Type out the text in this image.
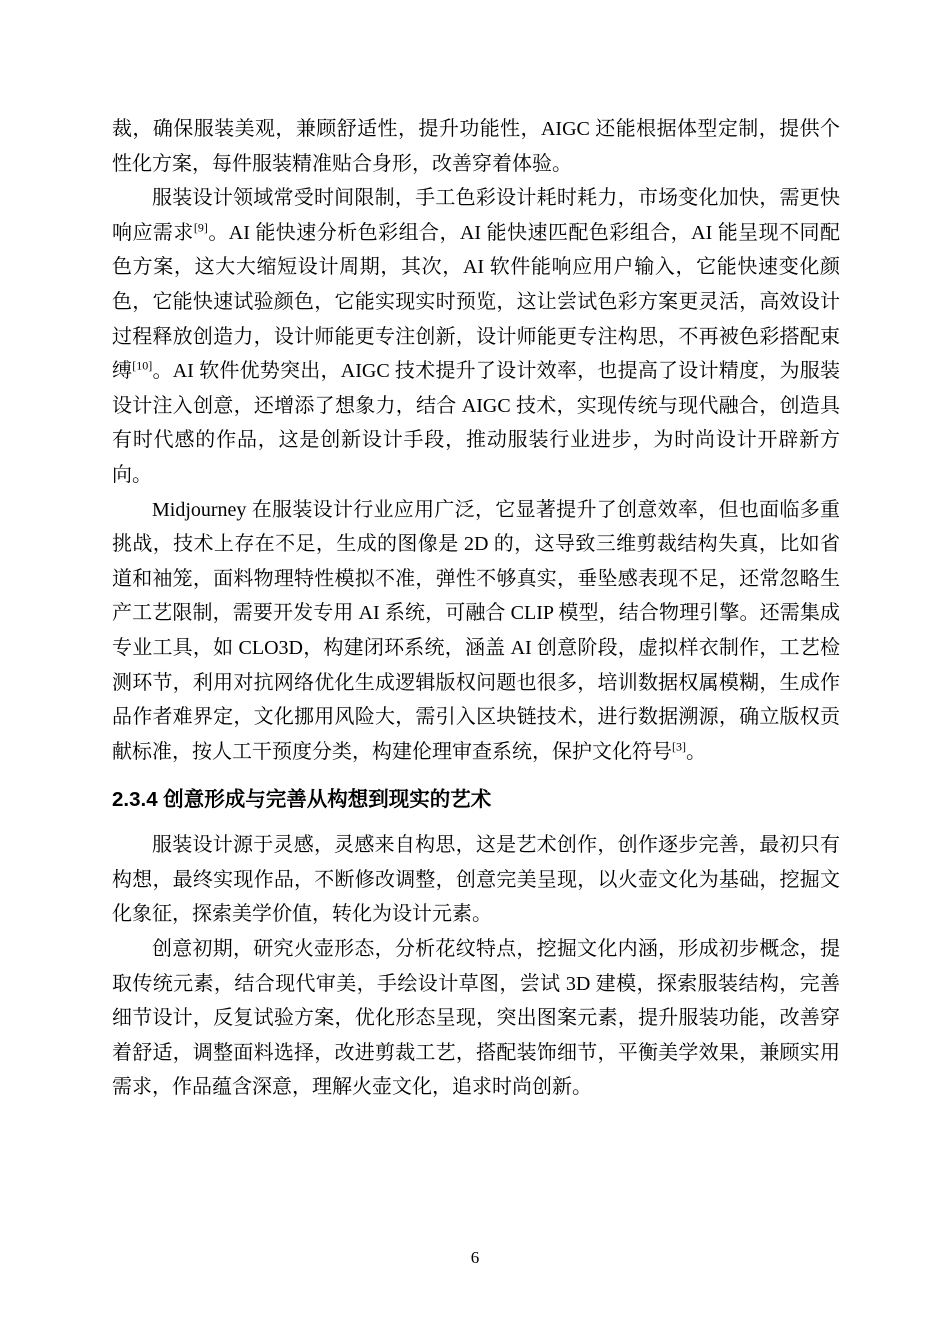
裁，确保服装美观，兼顾舒适性，提升功能性，AIGC 还能根据体型定制，提供个性化方案，每件服装精准贴合身形，改善穿着体验。

服装设计领域常受时间限制，手工色彩设计耗时耗力，市场变化加快，需更快响应需求[9]。AI 能快速分析色彩组合，AI 能快速匹配色彩组合，AI 能呈现不同配色方案，这大大缩短设计周期，其次，AI 软件能响应用户输入，它能快速变化颜色，它能快速试验颜色，它能实现实时预览，这让尝试色彩方案更灵活，高效设计过程释放创造力，设计师能更专注创新，设计师能更专注构思，不再被色彩搭配束缚[10]。AI 软件优势突出，AIGC 技术提升了设计效率，也提高了设计精度，为服装设计注入创意，还增添了想象力，结合 AIGC 技术，实现传统与现代融合，创造具有时代感的作品，这是创新设计手段，推动服装行业进步，为时尚设计开辟新方向。

Midjourney 在服装设计行业应用广泛，它显著提升了创意效率，但也面临多重挑战，技术上存在不足，生成的图像是 2D 的，这导致三维剪裁结构失真，比如省道和袖笼，面料物理特性模拟不准，弹性不够真实，垂坠感表现不足，还常忽略生产工艺限制，需要开发专用 AI 系统，可融合 CLIP 模型，结合物理引擎。还需集成专业工具，如 CLO3D，构建闭环系统，涵盖 AI 创意阶段，虚拟样衣制作，工艺检测环节，利用对抗网络优化生成逻辑版权问题也很多，培训数据权属模糊，生成作品作者难界定，文化挪用风险大，需引入区块链技术，进行数据溯源，确立版权贡献标准，按人工干预度分类，构建伦理审查系统，保护文化符号[3]。

2.3.4 创意形成与完善从构想到现实的艺术

服装设计源于灵感，灵感来自构思，这是艺术创作，创作逐步完善，最初只有构想，最终实现作品，不断修改调整，创意完美呈现，以火壶文化为基础，挖掘文化象征，探索美学价值，转化为设计元素。

创意初期，研究火壶形态，分析花纹特点，挖掘文化内涵，形成初步概念，提取传统元素，结合现代审美，手绘设计草图，尝试 3D 建模，探索服装结构，完善细节设计，反复试验方案，优化形态呈现，突出图案元素，提升服装功能，改善穿着舒适，调整面料选择，改进剪裁工艺，搭配装饰细节，平衡美学效果，兼顾实用需求，作品蕴含深意，理解火壶文化，追求时尚创新。

6
